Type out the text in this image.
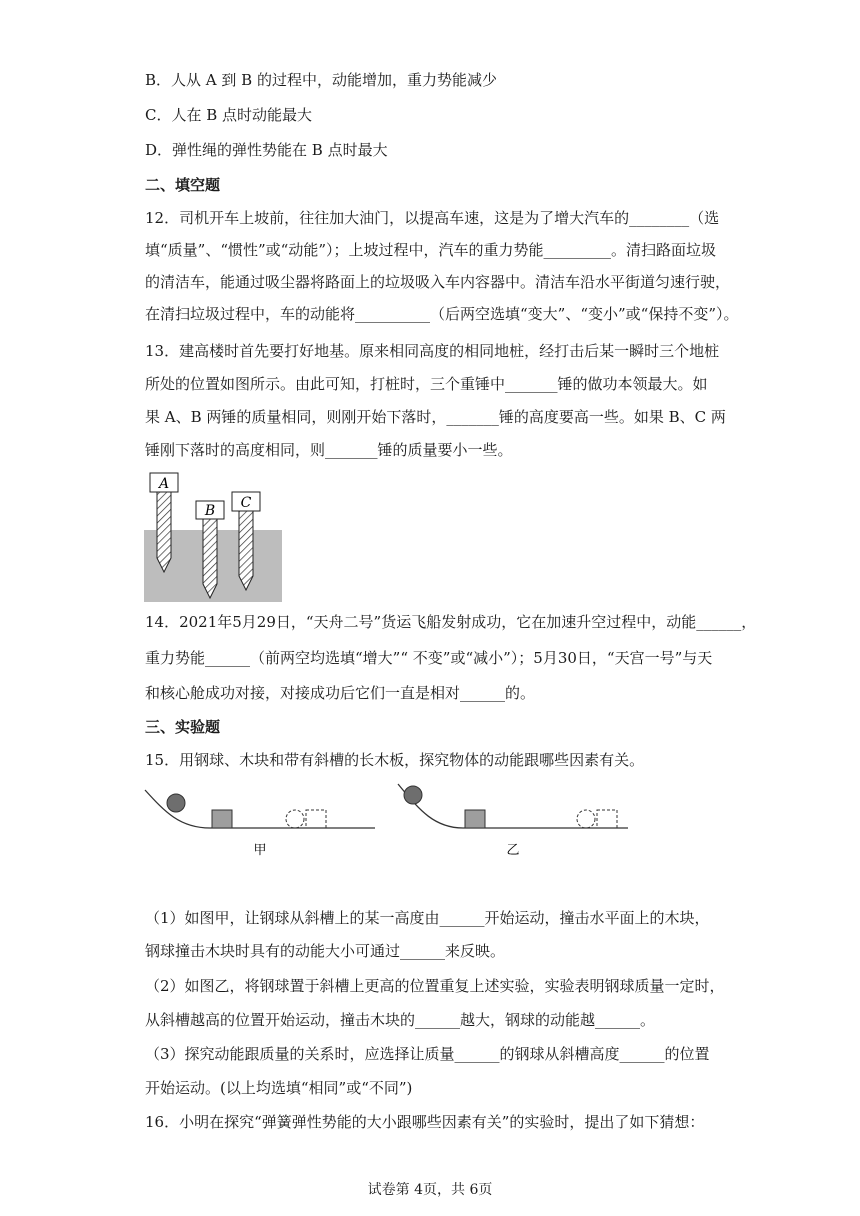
B．人从 A 到 B 的过程中，动能增加，重力势能减少
C．人在 B 点时动能最大
D．弹性绳的弹性势能在 B 点时最大
二、填空题
12．司机开车上坡前，往往加大油门，以提高车速，这是为了增大汽车的________（选
填“质量”、“惯性”或“动能”）；上坡过程中，汽车的重力势能_________。清扫路面垃圾
的清洁车，能通过吸尘器将路面上的垃圾吸入车内容器中。清洁车沿水平街道匀速行驶，
在清扫垃圾过程中，车的动能将__________（后两空选填“变大”、“变小”或“保持不变”）。
13．建高楼时首先要打好地基。原来相同高度的相同地桩，经打击后某一瞬时三个地桩
所处的位置如图所示。由此可知，打桩时，三个重锤中_______锤的做功本领最大。如
果 A、B 两锤的质量相同，则刚开始下落时，_______锤的高度要高一些。如果 B、C 两
锤刚下落时的高度相同，则_______锤的质量要小一些。
A
B C
14．2021年5月29日，“天舟二号”货运飞船发射成功，它在加速升空过程中，动能______，
重力势能______（前两空均选填“增大”“ 不变”或“减小”）；5月30日，“天宫一号”与天
和核心舱成功对接，对接成功后它们一直是相对______的。
三、实验题
15．用钢球、木块和带有斜槽的长木板，探究物体的动能跟哪些因素有关。
甲	乙
（1）如图甲，让钢球从斜槽上的某一高度由______开始运动，撞击水平面上的木块，
钢球撞击木块时具有的动能大小可通过______来反映。
（2）如图乙，将钢球置于斜槽上更高的位置重复上述实验，实验表明钢球质量一定时，
从斜槽越高的位置开始运动，撞击木块的______越大，钢球的动能越______。
（3）探究动能跟质量的关系时，应选择让质量______的钢球从斜槽高度______的位置
开始运动。(以上均选填“相同”或“不同”)
16．小明在探究“弹簧弹性势能的大小跟哪些因素有关”的实验时，提出了如下猜想：
试卷第 4页，共 6页
